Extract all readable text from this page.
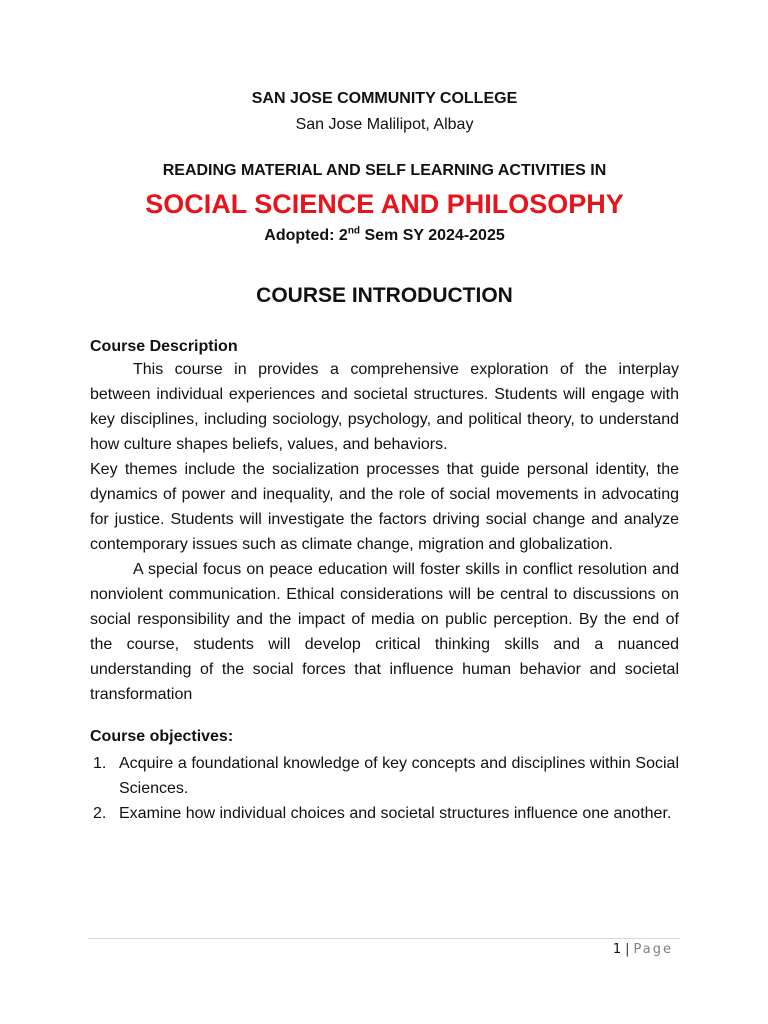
SAN JOSE COMMUNITY COLLEGE
San Jose Malilipot, Albay
READING MATERIAL AND SELF LEARNING ACTIVITIES IN
SOCIAL SCIENCE AND PHILOSOPHY
Adopted: 2nd Sem SY 2024-2025
COURSE INTRODUCTION
Course Description

This course in provides a comprehensive exploration of the interplay between individual experiences and societal structures. Students will engage with key disciplines, including sociology, psychology, and political theory, to understand how culture shapes beliefs, values, and behaviors.

Key themes include the socialization processes that guide personal identity, the dynamics of power and inequality, and the role of social movements in advocating for justice. Students will investigate the factors driving social change and analyze contemporary issues such as climate change, migration and globalization.

A special focus on peace education will foster skills in conflict resolution and nonviolent communication. Ethical considerations will be central to discussions on social responsibility and the impact of media on public perception. By the end of the course, students will develop critical thinking skills and a nuanced understanding of the social forces that influence human behavior and societal transformation

Course objectives:
1. Acquire a foundational knowledge of key concepts and disciplines within Social Sciences.
2. Examine how individual choices and societal structures influence one another.
1 | Page
